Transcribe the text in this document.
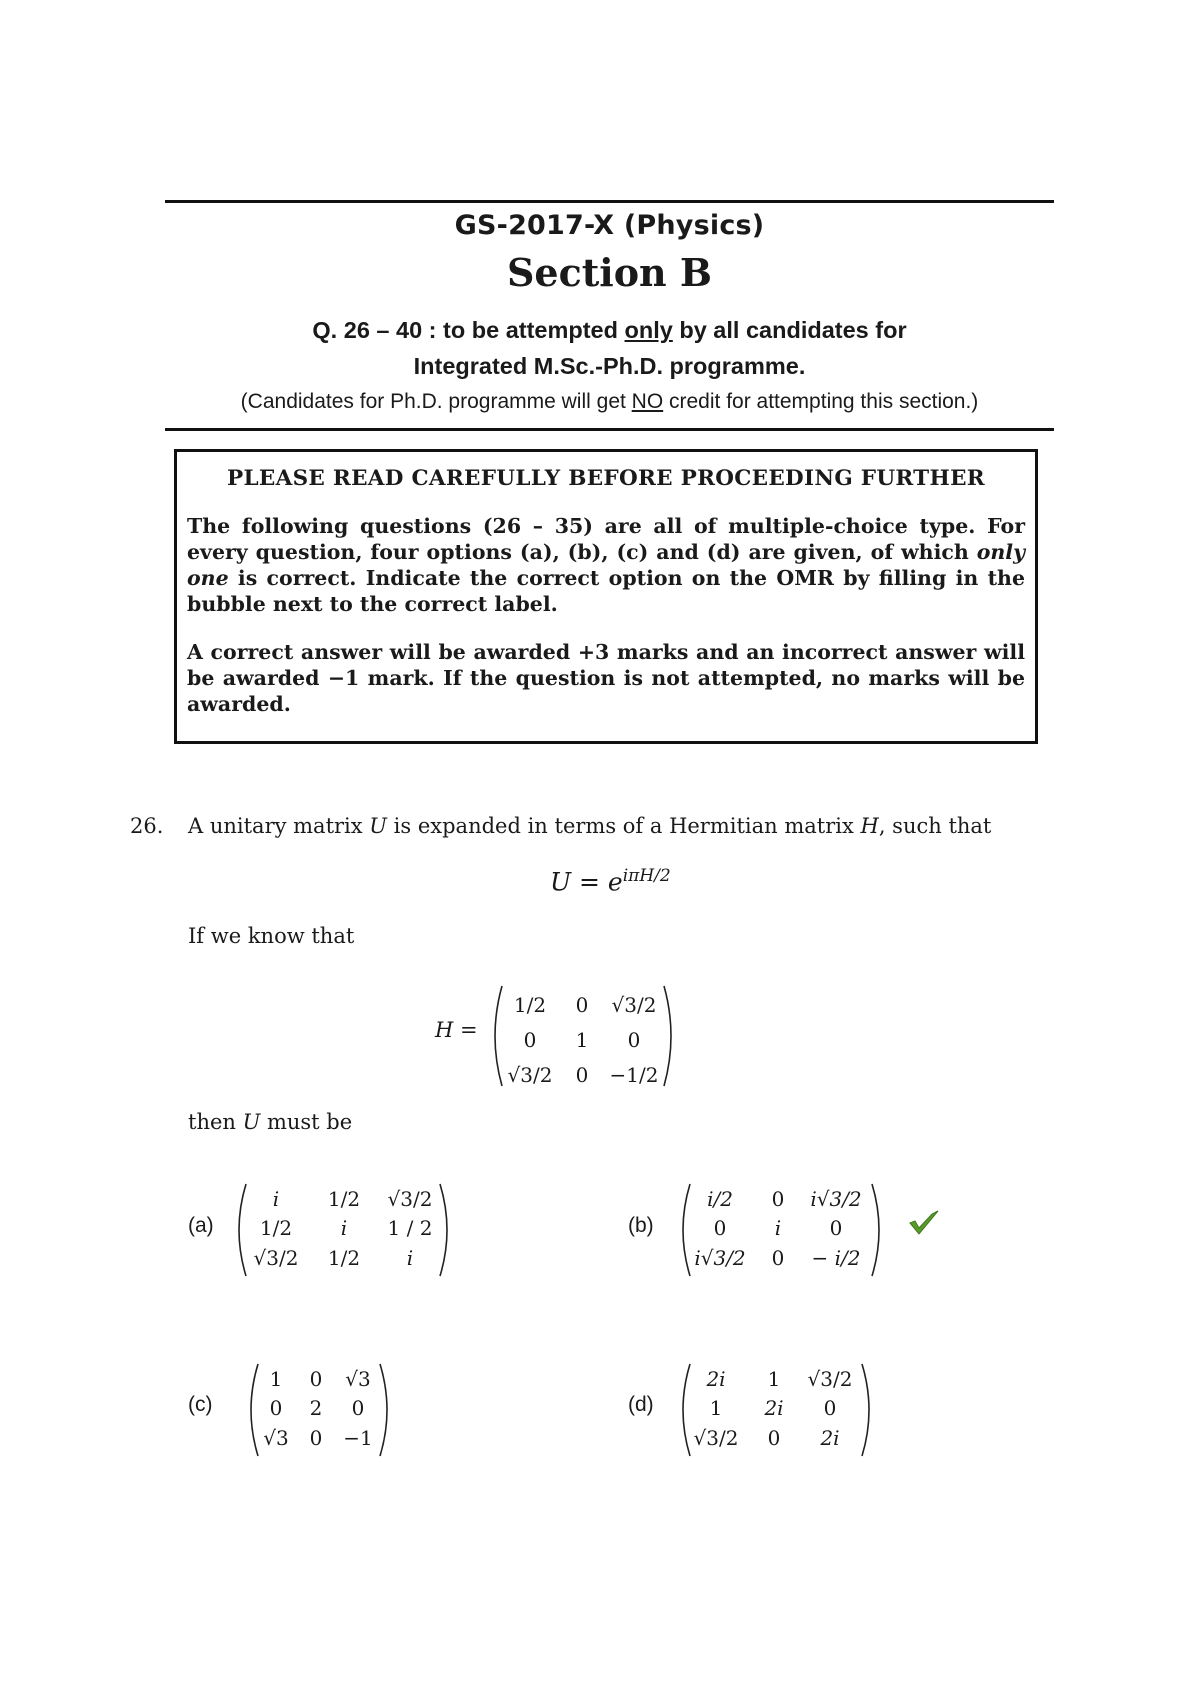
GS-2017-X (Physics)
Section B
Q. 26 – 40 : to be attempted only by all candidates for
Integrated M.Sc.-Ph.D. programme.
(Candidates for Ph.D. programme will get NO credit for attempting this section.)
PLEASE READ CAREFULLY BEFORE PROCEEDING FURTHER

The following questions (26 – 35) are all of multiple-choice type. For every question, four options (a), (b), (c) and (d) are given, of which only one is correct. Indicate the correct option on the OMR by filling in the bubble next to the correct label.

A correct answer will be awarded +3 marks and an incorrect answer will be awarded −1 mark. If the question is not attempted, no marks will be awarded.

26. A unitary matrix U is expanded in terms of a Hermitian matrix H, such that
$U = e^{i\pi H/2}$
If we know that
H =
1/2 0 √3/2
0 1 0
√3/2 0 −1/2
then U must be
(a)
i 1/2 √3/2
1/2 i 1 / 2
√3/2 1/2 i
(b)
i/2 0 i√3/2
0 i 0
i√3/2 0 − i/2
(c)
1 0 √3
0 2 0
√3 0 −1
(d)
2i 1 √3/2
1 2i 0
√3/2 0 2i
